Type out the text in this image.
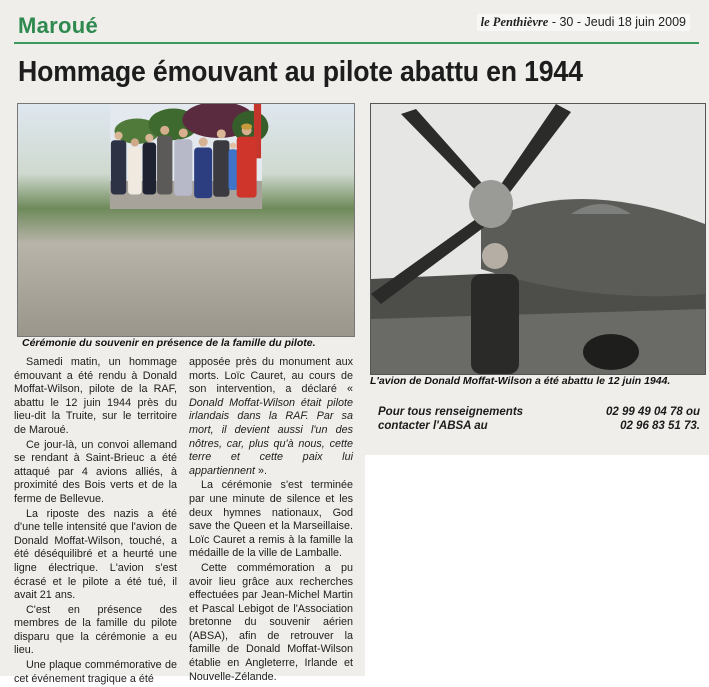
Maroué	le Penthièvre - 30 - Jeudi 18 juin 2009
Hommage émouvant au pilote abattu en 1944
Cérémonie du souvenir en présence de la famille du pilote.
L'avion de Donald Moffat-Wilson a été abattu le 12 juin 1944.

Samedi matin, un hommage émouvant a été rendu à Donald Moffat-Wilson, pilote de la RAF, abattu le 12 juin 1944 près du lieu-dit la Truite, sur le territoire de Maroué.

Ce jour-là, un convoi allemand se rendant à Saint-Brieuc a été attaqué par 4 avions alliés, à proximité des Bois verts et de la ferme de Bellevue.

La riposte des nazis a été d'une telle intensité que l'avion de Donald Moffat-Wilson, touché, a été déséquilibré et a heurté une ligne électrique. L'avion s'est écrasé et le pilote a été tué, il avait 21 ans.

C'est en présence des membres de la famille du pilote disparu que la cérémonie a eu lieu.

Une plaque commémorative de cet événement tragique a été

apposée près du monument aux morts. Loïc Cauret, au cours de son intervention, a déclaré « Donald Moffat-Wilson était pilote irlandais dans la RAF. Par sa mort, il devient aussi l'un des nôtres, car, plus qu'à nous, cette terre et cette paix lui appartiennent ».

La cérémonie s'est terminée par une minute de silence et les deux hymnes nationaux, God save the Queen et la Marseillaise. Loïc Cauret a remis à la famille la médaille de la ville de Lamballe.

Cette commémoration a pu avoir lieu grâce aux recherches effectuées par Jean-Michel Martin et Pascal Lebigot de l'Association bretonne du souvenir aérien (ABSA), afin de retrouver la famille de Donald Moffat-Wilson établie en Angleterre, Irlande et Nouvelle-Zélande.

Pour tous renseignements	02 99 49 04 78 ou
contacter l'ABSA au	02 96 83 51 73.
